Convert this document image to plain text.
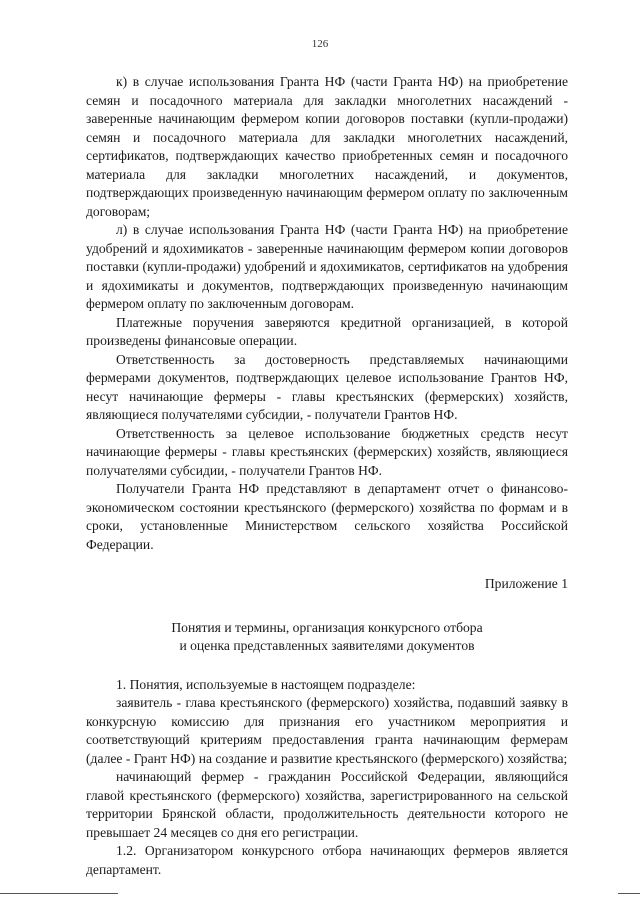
126

к) в случае использования Гранта НФ (части Гранта НФ) на приобретение семян и посадочного материала для закладки многолетних насаждений - заверенные начинающим фермером копии договоров поставки (купли-продажи) семян и посадочного материала для закладки многолетних насаждений, сертификатов, подтверждающих качество приобретенных семян и посадочного материала для закладки многолетних насаждений, и документов, подтверждающих произведенную начинающим фермером оплату по заключенным договорам;

л) в случае использования Гранта НФ (части Гранта НФ) на приобретение удобрений и ядохимикатов - заверенные начинающим фермером копии договоров поставки (купли-продажи) удобрений и ядохимикатов, сертификатов на удобрения и ядохимикаты и документов, подтверждающих произведенную начинающим фермером оплату по заключенным договорам.

Платежные поручения заверяются кредитной организацией, в которой произведены финансовые операции.

Ответственность за достоверность представляемых начинающими фермерами документов, подтверждающих целевое использование Грантов НФ, несут начинающие фермеры - главы крестьянских (фермерских) хозяйств, являющиеся получателями субсидии, - получатели Грантов НФ.

Ответственность за целевое использование бюджетных средств несут начинающие фермеры - главы крестьянских (фермерских) хозяйств, являющиеся получателями субсидии, - получатели Грантов НФ.

Получатели Гранта НФ представляют в департамент отчет о финансово-экономическом состоянии крестьянского (фермерского) хозяйства по формам и в сроки, установленные Министерством сельского хозяйства Российской Федерации.

Приложение 1

Понятия и термины, организация конкурсного отбора
и оценка представленных заявителями документов

1. Понятия, используемые в настоящем подразделе:

заявитель - глава крестьянского (фермерского) хозяйства, подавший заявку в конкурсную комиссию для признания его участником мероприятия и соответствующий критериям предоставления гранта начинающим фермерам (далее - Грант НФ) на создание и развитие крестьянского (фермерского) хозяйства;

начинающий фермер - гражданин Российской Федерации, являющийся главой крестьянского (фермерского) хозяйства, зарегистрированного на сельской территории Брянской области, продолжительность деятельности которого не превышает 24 месяцев со дня его регистрации.

1.2. Организатором конкурсного отбора начинающих фермеров является департамент.
